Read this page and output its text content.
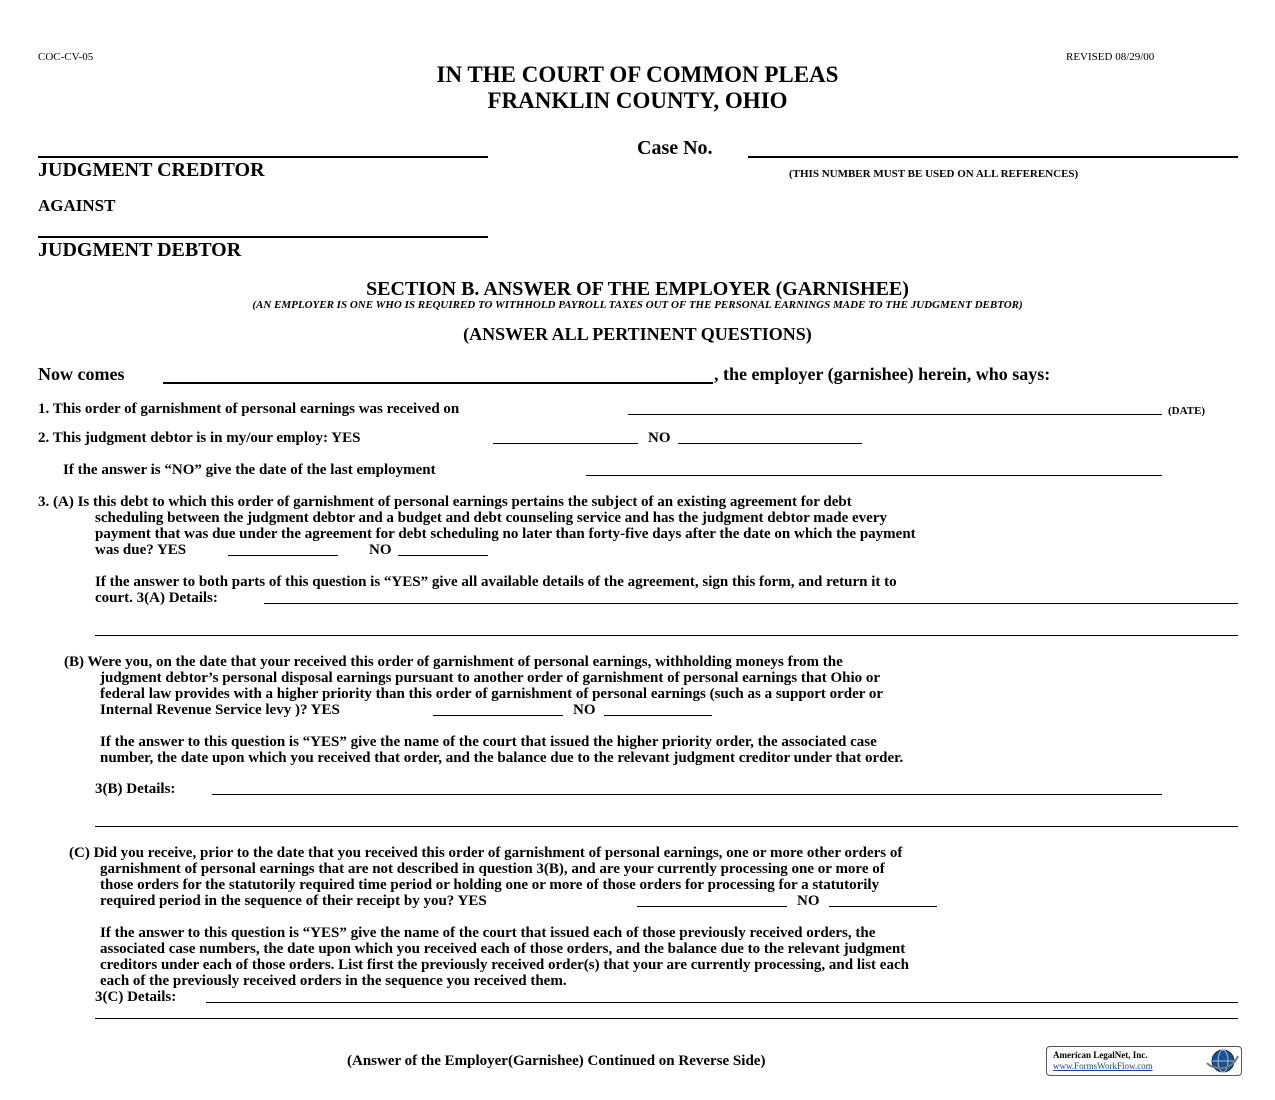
COC-CV-05	REVISED 08/29/00
IN THE COURT OF COMMON PLEAS
FRANKLIN COUNTY, OHIO
JUDGMENT CREDITOR
AGAINST
JUDGMENT DEBTOR
Case No.
(THIS NUMBER MUST BE USED ON ALL REFERENCES)
SECTION B. ANSWER OF THE EMPLOYER (GARNISHEE)
(AN EMPLOYER IS ONE WHO IS REQUIRED TO WITHHOLD PAYROLL TAXES OUT OF THE PERSONAL EARNINGS MADE TO THE JUDGMENT DEBTOR)
(ANSWER ALL PERTINENT QUESTIONS)
Now comes	, the employer (garnishee) herein, who says:
1. This order of garnishment of personal earnings was received on	(DATE)
2. This judgment debtor is in my/our employ: YES	NO
If the answer is “NO” give the date of the last employment
3. (A) Is this debt to which this order of garnishment of personal earnings pertains the subject of an existing agreement for debt
scheduling between the judgment debtor and a budget and debt counseling service and has the judgment debtor made every
payment that was due under the agreement for debt scheduling no later than forty-five days after the date on which the payment
was due? YES	NO
If the answer to both parts of this question is “YES” give all available details of the agreement, sign this form, and return it to
court. 3(A) Details:
(B) Were you, on the date that your received this order of garnishment of personal earnings, withholding moneys from the
judgment debtor’s personal disposal earnings pursuant to another order of garnishment of personal earnings that Ohio or
federal law provides with a higher priority than this order of garnishment of personal earnings (such as a support order or
Internal Revenue Service levy )? YES	NO
If the answer to this question is “YES” give the name of the court that issued the higher priority order, the associated case
number, the date upon which you received that order, and the balance due to the relevant judgment creditor under that order.
3(B) Details:
(C) Did you receive, prior to the date that you received this order of garnishment of personal earnings, one or more other orders of
garnishment of personal earnings that are not described in question 3(B), and are your currently processing one or more of
those orders for the statutorily required time period or holding one or more of those orders for processing for a statutorily
required period in the sequence of their receipt by you? YES	NO
If the answer to this question is “YES” give the name of the court that issued each of those previously received orders, the
associated case numbers, the date upon which you received each of those orders, and the balance due to the relevant judgment
creditors under each of those orders. List first the previously received order(s) that your are currently processing, and list each
each of the previously received orders in the sequence you received them.
3(C) Details:
(Answer of the Employer(Garnishee) Continued on Reverse Side)	American LegalNet, Inc.
www.FormsWorkFlow.com
